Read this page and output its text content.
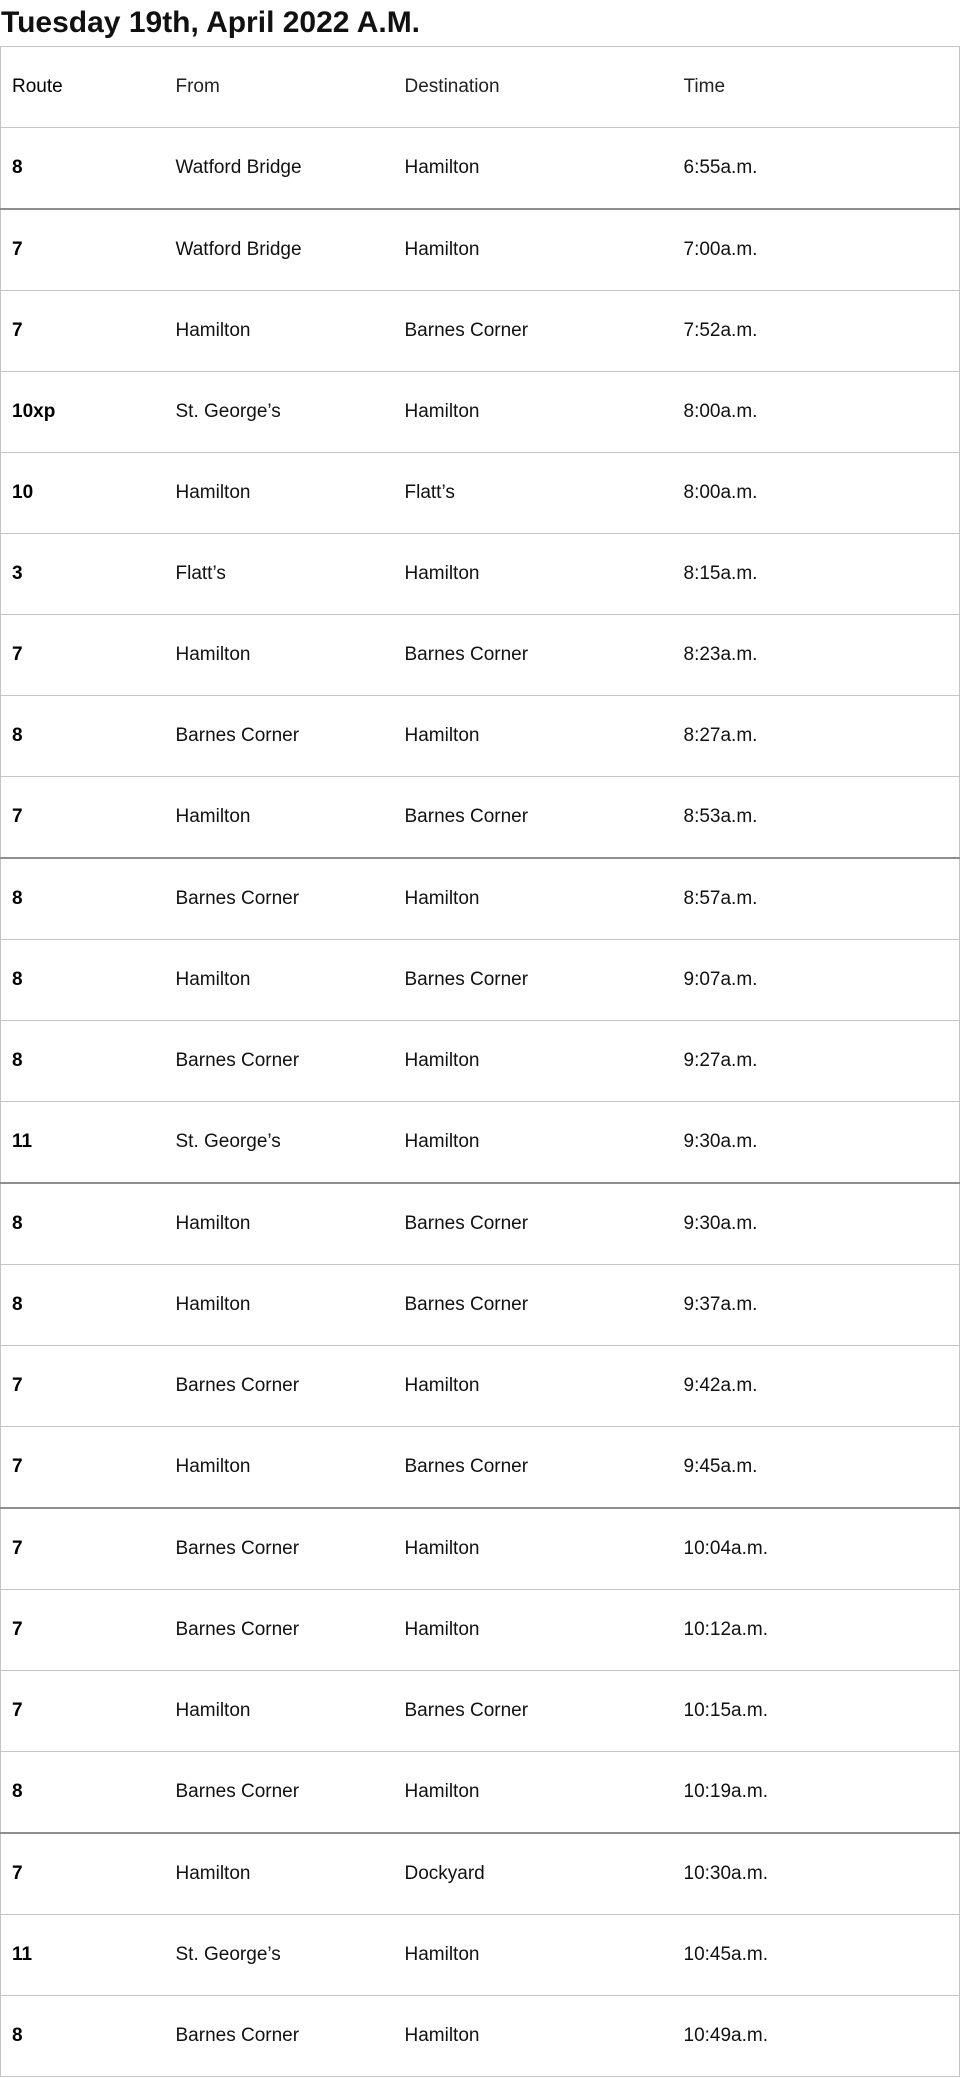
Tuesday 19th, April 2022 A.M.
Route	From	Destination	Time
8	Watford Bridge	Hamilton	6:55a.m.
7	Watford Bridge	Hamilton	7:00a.m.
7	Hamilton	Barnes Corner	7:52a.m.
10xp	St. George’s	Hamilton	8:00a.m.
10	Hamilton	Flatt’s	8:00a.m.
3	Flatt’s	Hamilton	8:15a.m.
7	Hamilton	Barnes Corner	8:23a.m.
8	Barnes Corner	Hamilton	8:27a.m.
7	Hamilton	Barnes Corner	8:53a.m.
8	Barnes Corner	Hamilton	8:57a.m.
8	Hamilton	Barnes Corner	9:07a.m.
8	Barnes Corner	Hamilton	9:27a.m.
11	St. George’s	Hamilton	9:30a.m.
8	Hamilton	Barnes Corner	9:30a.m.
8	Hamilton	Barnes Corner	9:37a.m.
7	Barnes Corner	Hamilton	9:42a.m.
7	Hamilton	Barnes Corner	9:45a.m.
7	Barnes Corner	Hamilton	10:04a.m.
7	Barnes Corner	Hamilton	10:12a.m.
7	Hamilton	Barnes Corner	10:15a.m.
8	Barnes Corner	Hamilton	10:19a.m.
7	Hamilton	Dockyard	10:30a.m.
11	St. George’s	Hamilton	10:45a.m.
8	Barnes Corner	Hamilton	10:49a.m.
